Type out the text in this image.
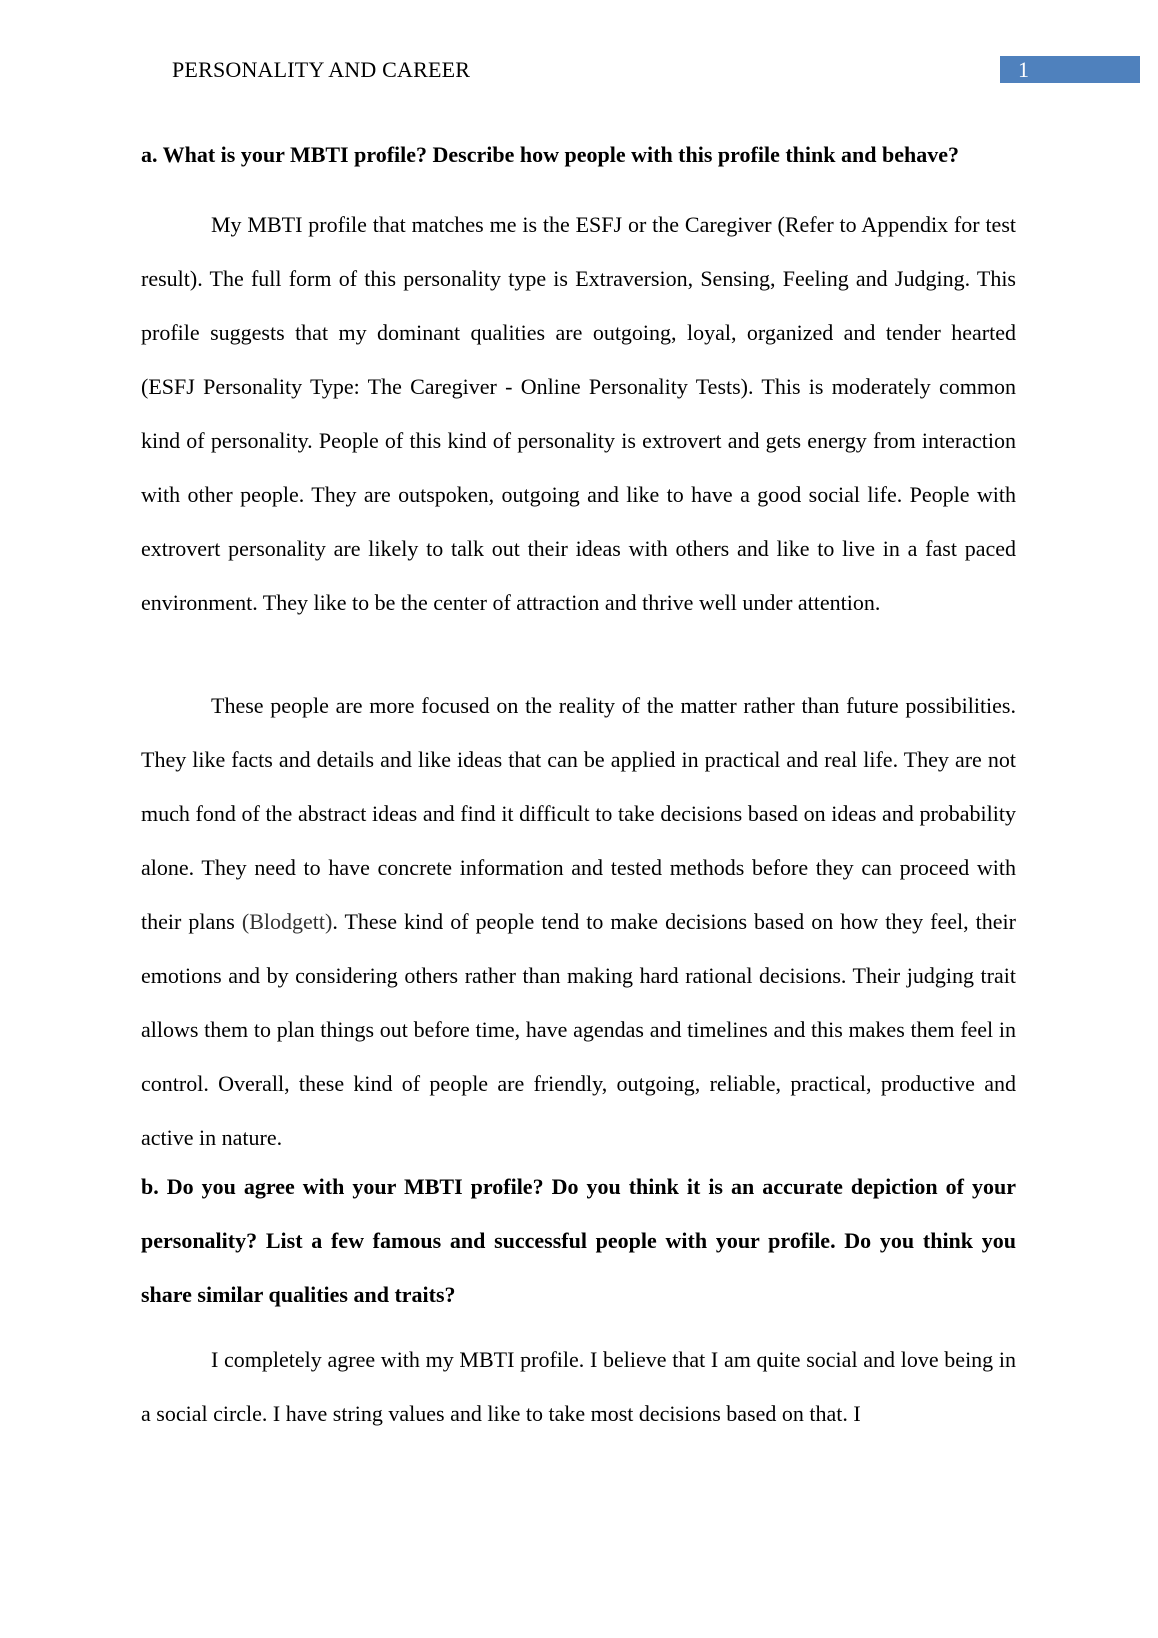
PERSONALITY AND CAREER	1
a. What is your MBTI profile? Describe how people with this profile think and behave?
My MBTI profile that matches me is the ESFJ or the Caregiver (Refer to Appendix for test result). The full form of this personality type is Extraversion, Sensing, Feeling and Judging. This profile suggests that my dominant qualities are outgoing, loyal, organized and tender hearted (ESFJ Personality Type: The Caregiver - Online Personality Tests). This is moderately common kind of personality. People of this kind of personality is extrovert and gets energy from interaction with other people. They are outspoken, outgoing and like to have a good social life. People with extrovert personality are likely to talk out their ideas with others and like to live in a fast paced environment. They like to be the center of attraction and thrive well under attention.
These people are more focused on the reality of the matter rather than future possibilities. They like facts and details and like ideas that can be applied in practical and real life. They are not much fond of the abstract ideas and find it difficult to take decisions based on ideas and probability alone. They need to have concrete information and tested methods before they can proceed with their plans (Blodgett). These kind of people tend to make decisions based on how they feel, their emotions and by considering others rather than making hard rational decisions. Their judging trait allows them to plan things out before time, have agendas and timelines and this makes them feel in control. Overall, these kind of people are friendly, outgoing, reliable, practical, productive and active in nature.
b. Do you agree with your MBTI profile? Do you think it is an accurate depiction of your personality? List a few famous and successful people with your profile. Do you think you share similar qualities and traits?
I completely agree with my MBTI profile. I believe that I am quite social and love being in a social circle. I have string values and like to take most decisions based on that. I
